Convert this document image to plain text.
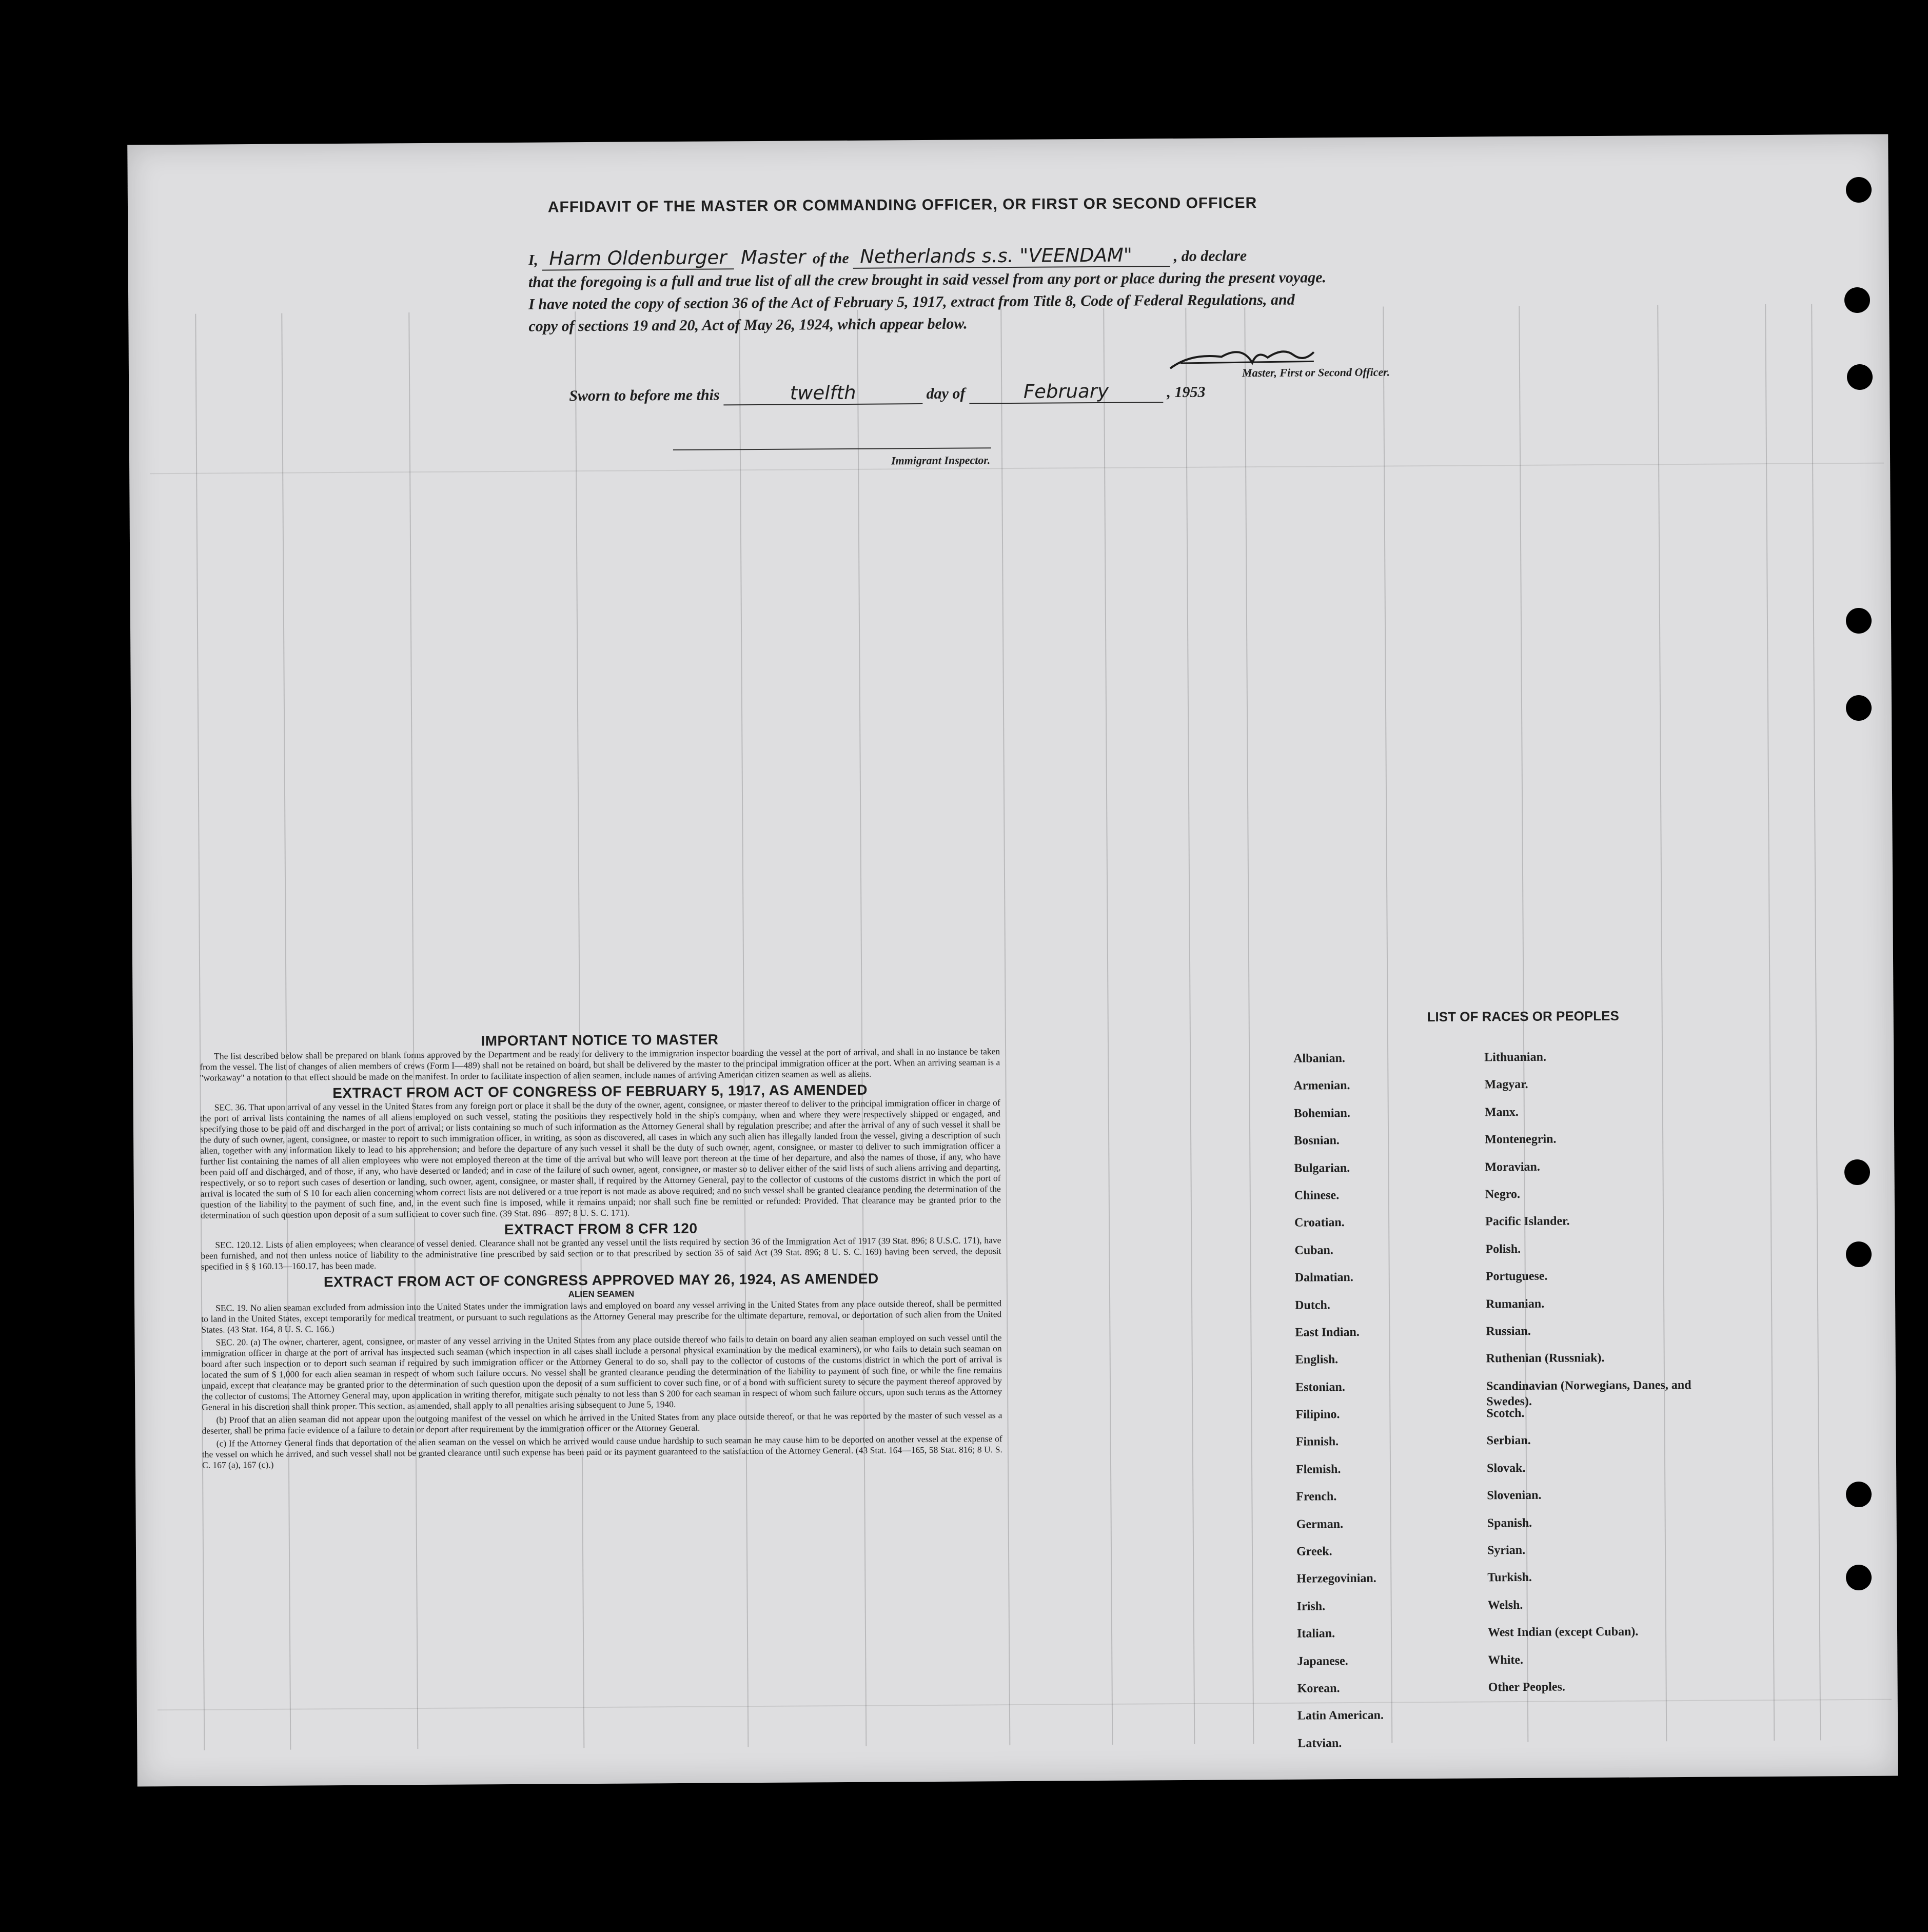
AFFIDAVIT OF THE MASTER OR COMMANDING OFFICER, OR FIRST OR SECOND OFFICER
I, Harm Oldenburger Master of the Netherlands s.s. "VEENDAM"	, do declare
that the foregoing is a full and true list of all the crew brought in said vessel from any port or place during the present voyage.
I have noted the copy of section 36 of the Act of February 5, 1917, extract from Title 8, Code of Federal Regulations, and
copy of sections 19 and 20, Act of May 26, 1924, which appear below.
Master, First or Second Officer.
Sworn to before me this	twelfth	day of	February	, 1953
Immigrant Inspector.
IMPORTANT NOTICE TO MASTER

The list described below shall be prepared on blank forms approved by the Department and be ready for delivery to the immigration inspector boarding the vessel at the port of arrival, and shall in no instance be taken from the vessel. The list of changes of alien members of crews (Form I—489) shall not be retained on board, but shall be delivered by the master to the principal immigration officer at the port. When an arriving seaman is a "workaway" a notation to that effect should be made on the manifest. In order to facilitate inspection of alien seamen, include names of arriving American citizen seamen as well as aliens.

EXTRACT FROM ACT OF CONGRESS OF FEBRUARY 5, 1917, AS AMENDED

SEC. 36. That upon arrival of any vessel in the United States from any foreign port or place it shall be the duty of the owner, agent, consignee, or master thereof to deliver to the principal immigration officer in charge of the port of arrival lists containing the names of all aliens employed on such vessel, stating the positions they respectively hold in the ship's company, when and where they were respectively shipped or engaged, and specifying those to be paid off and discharged in the port of arrival; or lists containing so much of such information as the Attorney General shall by regulation prescribe; and after the arrival of any of such vessel it shall be the duty of such owner, agent, consignee, or master to report to such immigration officer, in writing, as soon as discovered, all cases in which any such alien has illegally landed from the vessel, giving a description of such alien, together with any information likely to lead to his apprehension; and before the departure of any such vessel it shall be the duty of such owner, agent, consignee, or master to deliver to such immigration officer a further list containing the names of all alien employees who were not employed thereon at the time of the arrival but who will leave port thereon at the time of her departure, and also the names of those, if any, who have been paid off and discharged, and of those, if any, who have deserted or landed; and in case of the failure of such owner, agent, consignee, or master so to deliver either of the said lists of such aliens arriving and departing, respectively, or so to report such cases of desertion or landing, such owner, agent, consignee, or master shall, if required by the Attorney General, pay to the collector of customs of the customs district in which the port of arrival is located the sum of $ 10 for each alien concerning whom correct lists are not delivered or a true report is not made as above required; and no such vessel shall be granted clearance pending the determination of the question of the liability to the payment of such fine, and, in the event such fine is imposed, while it remains unpaid; nor shall such fine be remitted or refunded: Provided. That clearance may be granted prior to the determination of such question upon deposit of a sum sufficient to cover such fine. (39 Stat. 896—897; 8 U. S. C. 171).

EXTRACT FROM 8 CFR 120

SEC. 120.12. Lists of alien employees; when clearance of vessel denied. Clearance shall not be granted any vessel until the lists required by section 36 of the Immigration Act of 1917 (39 Stat. 896; 8 U.S.C. 171), have been furnished, and not then unless notice of liability to the administrative fine prescribed by said section or to that prescribed by section 35 of said Act (39 Stat. 896; 8 U. S. C. 169) having been served, the deposit specified in § § 160.13—160.17, has been made.

EXTRACT FROM ACT OF CONGRESS APPROVED MAY 26, 1924, AS AMENDED
ALIEN SEAMEN

SEC. 19. No alien seaman excluded from admission into the United States under the immigration laws and employed on board any vessel arriving in the United States from any place outside thereof, shall be permitted to land in the United States, except temporarily for medical treatment, or pursuant to such regulations as the Attorney General may prescribe for the ultimate departure, removal, or deportation of such alien from the United States. (43 Stat. 164, 8 U. S. C. 166.)

SEC. 20. (a) The owner, charterer, agent, consignee, or master of any vessel arriving in the United States from any place outside thereof who fails to detain on board any alien seaman employed on such vessel until the immigration officer in charge at the port of arrival has inspected such seaman (which inspection in all cases shall include a personal physical examination by the medical examiners), or who fails to detain such seaman on board after such inspection or to deport such seaman if required by such immigration officer or the Attorney General to do so, shall pay to the collector of customs of the customs district in which the port of arrival is located the sum of $ 1,000 for each alien seaman in respect of whom such failure occurs. No vessel shall be granted clearance pending the determination of the liability to payment of such fine, or while the fine remains unpaid, except that clearance may be granted prior to the determination of such question upon the deposit of a sum sufficient to cover such fine, or of a bond with sufficient surety to secure the payment thereof approved by the collector of customs. The Attorney General may, upon application in writing therefor, mitigate such penalty to not less than $ 200 for each seaman in respect of whom such failure occurs, upon such terms as the Attorney General in his discretion shall think proper. This section, as amended, shall apply to all penalties arising subsequent to June 5, 1940.

(b) Proof that an alien seaman did not appear upon the outgoing manifest of the vessel on which he arrived in the United States from any place outside thereof, or that he was reported by the master of such vessel as a deserter, shall be prima facie evidence of a failure to detain or deport after requirement by the immigration officer or the Attorney General.

(c) If the Attorney General finds that deportation of the alien seaman on the vessel on which he arrived would cause undue hardship to such seaman he may cause him to be deported on another vessel at the expense of the vessel on which he arrived, and such vessel shall not be granted clearance until such expense has been paid or its payment guaranteed to the satisfaction of the Attorney General. (43 Stat. 164—165, 58 Stat. 816; 8 U. S. C. 167 (a), 167 (c).)

LIST OF RACES OR PEOPLES
Albanian.
Armenian.
Bohemian.
Bosnian.
Bulgarian.
Chinese.
Croatian.
Cuban.
Dalmatian.
Dutch.
East Indian.
English.
Estonian.
Filipino.
Finnish.
Flemish.
French.
German.
Greek.
Herzegovinian.
Irish.
Italian.
Japanese.
Korean.
Latin American.
Latvian.
Lithuanian.
Magyar.
Manx.
Montenegrin.
Moravian.
Negro.
Pacific Islander.
Polish.
Portuguese.
Rumanian.
Russian.
Ruthenian (Russniak).
Scandinavian (Norwegians, Danes, and Swedes).
Scotch.
Serbian.
Slovak.
Slovenian.
Spanish.
Syrian.
Turkish.
Welsh.
West Indian (except Cuban).
White.
Other Peoples.
